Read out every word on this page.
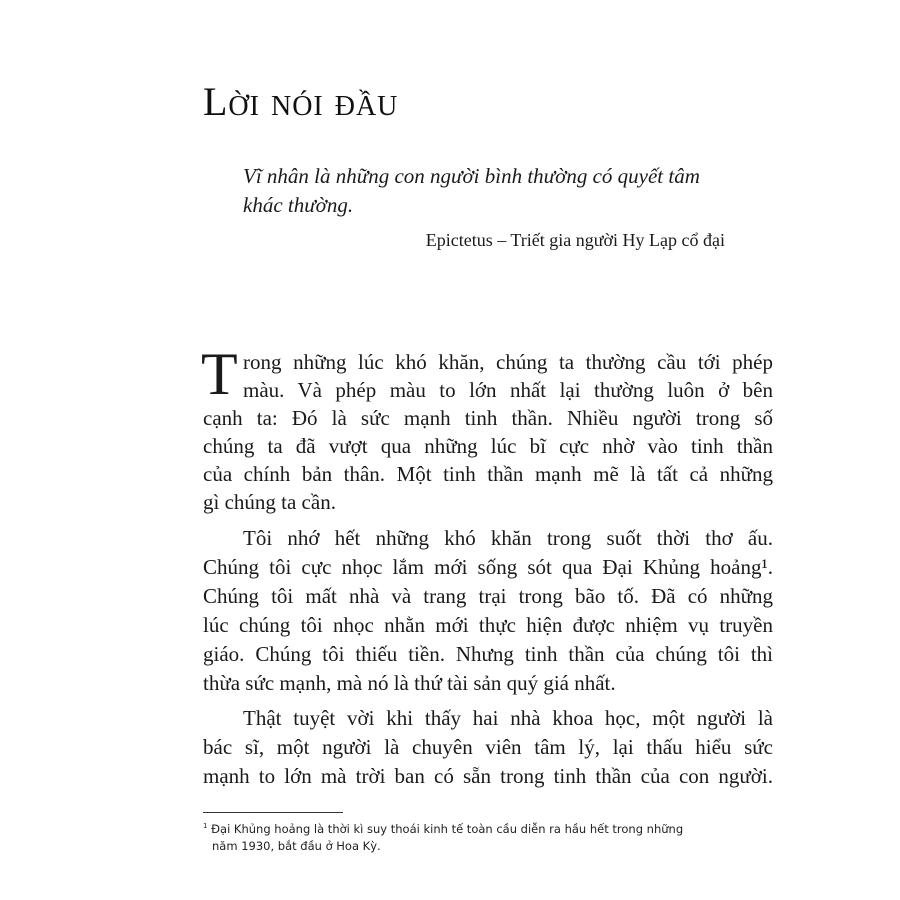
Lời nói đầu
Vĩ nhân là những con người bình thường có quyết tâm
khác thường.
Epictetus – Triết gia người Hy Lạp cổ đại
T rong những lúc khó khăn, chúng ta thường cầu tới phép
màu. Và phép màu to lớn nhất lại thường luôn ở bên
cạnh ta: Đó là sức mạnh tinh thần. Nhiều người trong số
chúng ta đã vượt qua những lúc bĩ cực nhờ vào tinh thần
của chính bản thân. Một tinh thần mạnh mẽ là tất cả những
gì chúng ta cần.
Tôi nhớ hết những khó khăn trong suốt thời thơ ấu.
Chúng tôi cực nhọc lắm mới sống sót qua Đại Khủng hoảng¹.
Chúng tôi mất nhà và trang trại trong bão tố. Đã có những
lúc chúng tôi nhọc nhằn mới thực hiện được nhiệm vụ truyền
giáo. Chúng tôi thiếu tiền. Nhưng tinh thần của chúng tôi thì
thừa sức mạnh, mà nó là thứ tài sản quý giá nhất.
Thật tuyệt vời khi thấy hai nhà khoa học, một người là
bác sĩ, một người là chuyên viên tâm lý, lại thấu hiểu sức
mạnh to lớn mà trời ban có sẵn trong tinh thần của con người.
$^1$ Đại Khủng hoảng là thời kì suy thoái kinh tế toàn cầu diễn ra hầu hết trong những
năm 1930, bắt đầu ở Hoa Kỳ.
